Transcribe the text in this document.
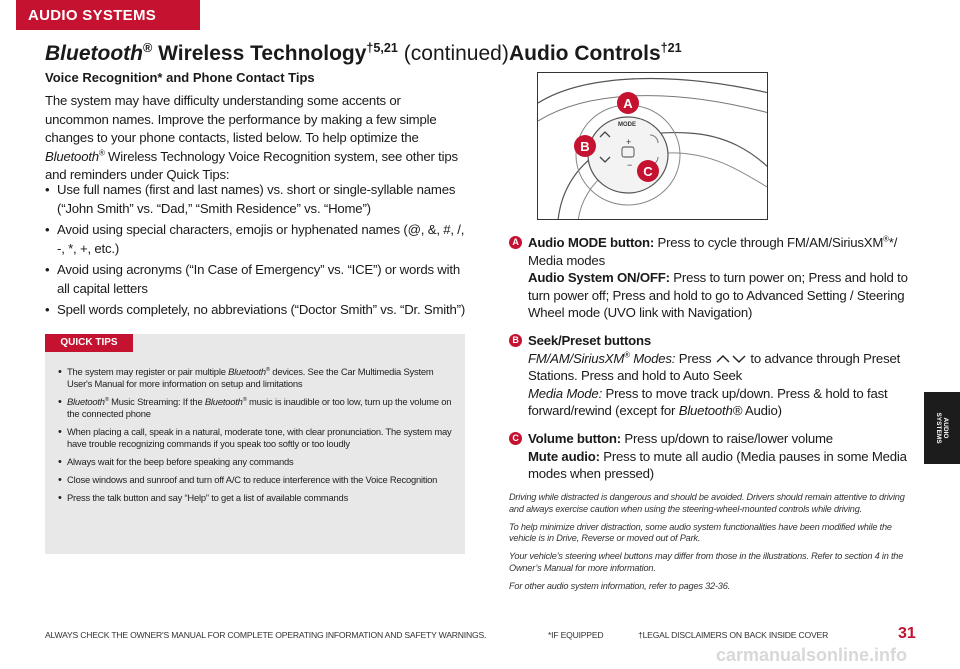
AUDIO SYSTEMS
AUDIO
SYSTEMS
Bluetooth® Wireless Technology$^{\dagger 5,21}$ (continued)
Voice Recognition* and Phone Contact Tips
The system may have difficulty understanding some accents or uncommon names. Improve the performance by making a few simple changes to your phone contacts, listed below. To help optimize the Bluetooth® Wireless Technology Voice Recognition system, see other tips and reminders under Quick Tips:
• Use full names (first and last names) vs. short or single-syllable names (“John Smith” vs. “Dad,” “Smith Residence” vs. “Home”)
• Avoid using special characters, emojis or hyphenated names (@, &, #, /, -, *, +, etc.)
• Avoid using acronyms (“In Case of Emergency” vs. “ICE”) or words with all capital letters
• Spell words completely, no abbreviations (“Doctor Smith” vs. “Dr. Smith”)
QUICK TIPS
• The system may register or pair multiple Bluetooth® devices. See the Car Multimedia System User's Manual for more information on setup and limitations
• Bluetooth® Music Streaming: If the Bluetooth® music is inaudible or too low, turn up the volume on the connected phone
• When placing a call, speak in a natural, moderate tone, with clear pronunciation. The system may have trouble recognizing commands if you speak too softly or too loudly
• Always wait for the beep before speaking any commands
• Close windows and sunroof and turn off A/C to reduce interference with the Voice Recognition
• Press the talk button and say “Help” to get a list of available commands
Audio Controls$^{\dagger 21}$
MODE
+
−
A
B
C
A Audio MODE button: Press to cycle through FM/AM/SiriusXM®*/ Media modes
Audio System ON/OFF: Press to turn power on; Press and hold to turn power off; Press and hold to go to Advanced Setting / Steering Wheel mode (UVO link with Navigation)
B Seek/Preset buttons
FM/AM/SiriusXM® Modes: Press  to advance through Preset Stations. Press and hold to Auto Seek
Media Mode: Press to move track up/down. Press & hold to fast forward/rewind (except for Bluetooth® Audio)
C Volume button: Press up/down to raise/lower volume
Mute audio: Press to mute all audio (Media pauses in some Media modes when pressed)

Driving while distracted is dangerous and should be avoided. Drivers should remain attentive to driving and always exercise caution when using the steering-wheel-mounted controls while driving.

To help minimize driver distraction, some audio system functionalities have been modified while the vehicle is in Drive, Reverse or moved out of Park.

Your vehicle’s steering wheel buttons may differ from those in the illustrations. Refer to section 4 in the Owner’s Manual for more information.

For other audio system information, refer to pages 32-36.

ALWAYS CHECK THE OWNER'S MANUAL FOR COMPLETE OPERATING INFORMATION AND SAFETY WARNINGS.	*IF EQUIPPED	†LEGAL DISCLAIMERS ON BACK INSIDE COVER	31
carmanualsonline.info
